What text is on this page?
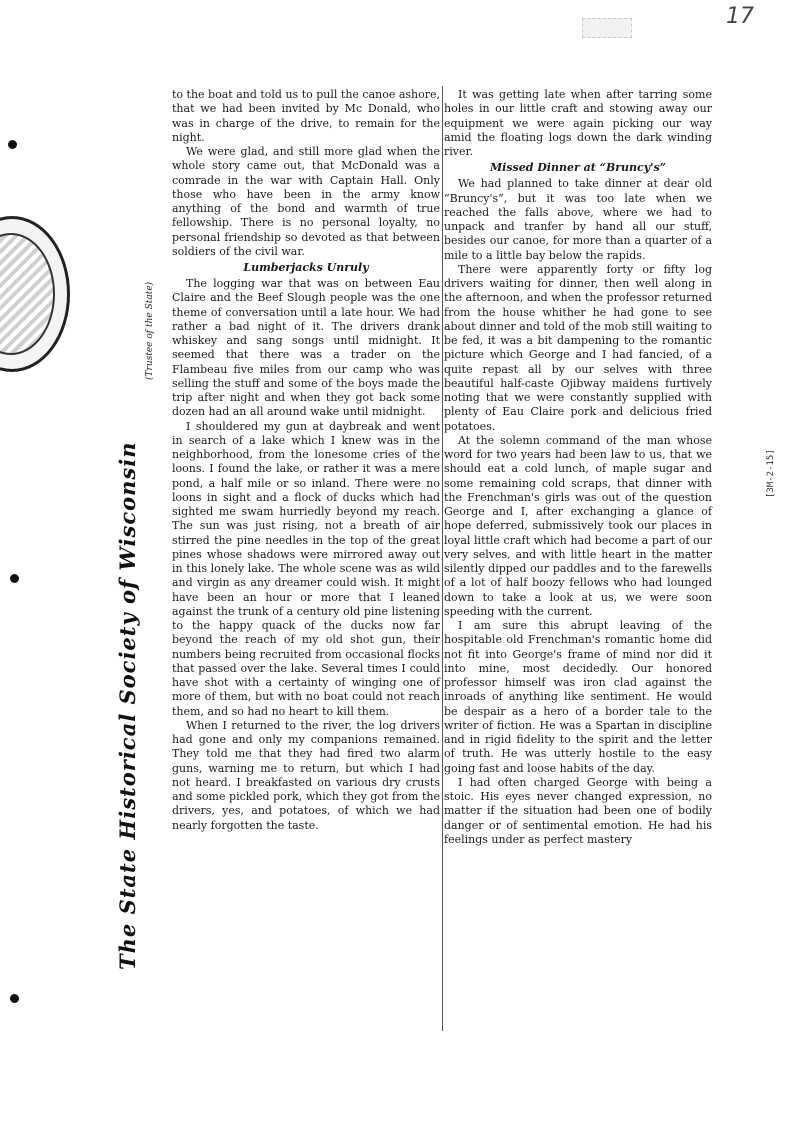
17
The State Historical Society of Wisconsin
(Trustee of the State)
[3M-2-15]

to the boat and told us to pull the canoe ashore, that we had been invited by Mc Donald, who was in charge of the drive, to remain for the night.

We were glad, and still more glad when the whole story came out, that McDonald was a comrade in the war with Captain Hall. Only those who have been in the army know anything of the bond and warmth of true fellowship. There is no personal loyalty, no personal friendship so devoted as that between soldiers of the civil war.

Lumberjacks Unruly

The logging war that was on between Eau Claire and the Beef Slough people was the one theme of conversation until a late hour. We had rather a bad night of it. The drivers drank whiskey and sang songs until midnight. It seemed that there was a trader on the Flambeau five miles from our camp who was selling the stuff and some of the boys made the trip after night and when they got back some dozen had an all around wake until midnight.

I shouldered my gun at daybreak and went in search of a lake which I knew was in the neighborhood, from the lonesome cries of the loons. I found the lake, or rather it was a mere pond, a half mile or so inland. There were no loons in sight and a flock of ducks which had sighted me swam hurriedly beyond my reach. The sun was just rising, not a breath of air stirred the pine needles in the top of the great pines whose shadows were mirrored away out in this lonely lake. The whole scene was as wild and virgin as any dreamer could wish. It might have been an hour or more that I leaned against the trunk of a century old pine listening to the happy quack of the ducks now far beyond the reach of my old shot gun, their numbers being recruited from occasional flocks that passed over the lake. Several times I could have shot with a certainty of winging one of more of them, but with no boat could not reach them, and so had no heart to kill them.

When I returned to the river, the log drivers had gone and only my companions remained. They told me that they had fired two alarm guns, warning me to return, but which I had not heard. I breakfasted on various dry crusts and some pickled pork, which they got from the drivers, yes, and potatoes, of which we had nearly forgotten the taste.

It was getting late when after tarring some holes in our little craft and stowing away our equipment we were again picking our way amid the floating logs down the dark winding river.

Missed Dinner at “Bruncy's”

We had planned to take dinner at dear old “Bruncy's”, but it was too late when we reached the falls above, where we had to unpack and tranfer by hand all our stuff, besides our canoe, for more than a quarter of a mile to a little bay below the rapids.

There were apparently forty or fifty log drivers waiting for dinner, then well along in the afternoon, and when the professor returned from the house whither he had gone to see about dinner and told of the mob still waiting to be fed, it was a bit dampening to the romantic picture which George and I had fancied, of a quite repast all by our selves with three beautiful half-caste Ojibway maidens furtively noting that we were constantly supplied with plenty of Eau Claire pork and delicious fried potatoes.

At the solemn command of the man whose word for two years had been law to us, that we should eat a cold lunch, of maple sugar and some remaining cold scraps, that dinner with the Frenchman's girls was out of the question George and I, after exchanging a glance of hope deferred, submissively took our places in loyal little craft which had become a part of our very selves, and with little heart in the matter silently dipped our paddles and to the farewells of a lot of half boozy fellows who had lounged down to take a look at us, we were soon speeding with the current.

I am sure this abrupt leaving of the hospitable old Frenchman's romantic home did not fit into George's frame of mind nor did it into mine, most decidedly. Our honored professor himself was iron clad against the inroads of anything like sentiment. He would be despair as a hero of a border tale to the writer of fiction. He was a Spartan in discipline and in rigid fidelity to the spirit and the letter of truth. He was utterly hostile to the easy going fast and loose habits of the day.

I had often charged George with being a stoic. His eyes never changed expression, no matter if the situation had been one of bodily danger or of sentimental emotion. He had his feelings under as perfect mastery
